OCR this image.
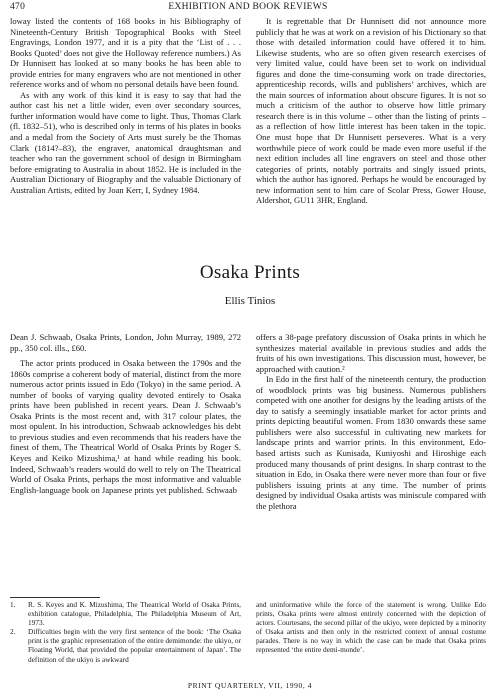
470	EXHIBITION AND BOOK REVIEWS

loway listed the contents of 168 books in his Bibliography of Nineteenth-Century British Topographical Books with Steel Engravings, London 1977, and it is a pity that the ‘List of . . . Books Quoted’ does not give the Holloway reference numbers.) As Dr Hunnisett has looked at so many books he has been able to provide entries for many engravers who are not mentioned in other reference works and of whom no personal details have been found.

As with any work of this kind it is easy to say that had the author cast his net a little wider, even over secondary sources, further information would have come to light. Thus, Thomas Clark (fl. 1832–51), who is described only in terms of his plates in books and a medal from the Society of Arts must surely be the Thomas Clark (1814?–83), the engraver, anatomical draughtsman and teacher who ran the government school of design in Birmingham before emigrating to Australia in about 1852. He is included in the Australian Dictionary of Biography and the valuable Dictionary of Australian Artists, edited by Joan Kerr, I, Sydney 1984.

It is regrettable that Dr Hunnisett did not announce more publicly that he was at work on a revision of his Dictionary so that those with detailed information could have offered it to him. Likewise students, who are so often given research exercises of very limited value, could have been set to work on individual figures and done the time-consuming work on trade directories, apprenticeship records, wills and publishers’ archives, which are the main sources of information about obscure figures. It is not so much a criticism of the author to observe how little primary research there is in this volume – other than the listing of prints – as a reflection of how little interest has been taken in the topic. One must hope that Dr Hunnisett perseveres. What is a very worthwhile piece of work could be made even more useful if the next edition includes all line engravers on steel and those other categories of prints, notably portraits and singly issued prints, which the author has ignored. Perhaps he would be encouraged by new information sent to him care of Scolar Press, Gower House, Aldershot, GU11 3HR, England.

Osaka Prints
Ellis Tinios

Dean J. Schwaab, Osaka Prints, London, John Murray, 1989, 272 pp., 350 col. ills., £60.

The actor prints produced in Osaka between the 1790s and the 1860s comprise a coherent body of material, distinct from the more numerous actor prints issued in Edo (Tokyo) in the same period. A number of books of varying quality devoted entirely to Osaka prints have been published in recent years. Dean J. Schwaab’s Osaka Prints is the most recent and, with 317 colour plates, the most opulent. In his introduction, Schwaab acknowledges his debt to previous studies and even recommends that his readers have the finest of them, The Theatrical World of Osaka Prints by Roger S. Keyes and Keiko Mizushima,¹ at hand while reading his book. Indeed, Schwaab’s readers would do well to rely on The Theatrical World of Osaka Prints, perhaps the most informative and valuable English-language book on Japanese prints yet published. Schwaab

offers a 38-page prefatory discussion of Osaka prints in which he synthesizes material available in previous studies and adds the fruits of his own investigations. This discussion must, however, be approached with caution.²

In Edo in the first half of the nineteenth century, the production of woodblock prints was big business. Numerous publishers competed with one another for designs by the leading artists of the day to satisfy a seemingly insatiable market for actor prints and prints depicting beautiful women. From 1830 onwards these same publishers were also successful in cultivating new markets for landscape prints and warrior prints. In this environment, Edo-based artists such as Kunisada, Kuniyoshi and Hiroshige each produced many thousands of print designs. In sharp contrast to the situation in Edo, in Osaka there were never more than four or five publishers issuing prints at any time. The number of prints designed by individual Osaka artists was miniscule compared with the plethora

1. R. S. Keyes and K. Mizushima, The Theatrical World of Osaka Prints, exhibition catalogue, Philadelphia, The Philadelphia Museum of Art, 1973.
2. Difficulties begin with the very first sentence of the book: ‘The Osaka print is the graphic representation of the entire demimonde: the ukiyo, or Floating World, that provided the popular entertainment of Japan’. The definition of the ukiyo is awkward

and uninformative while the force of the statement is wrong. Unlike Edo prints, Osaka prints were almost entirely concerned with the depiction of actors. Courtesans, the second pillar of the ukiyo, were depicted by a minority of Osaka artists and then only in the restricted context of annual costume parades. There is no way in which the case can be made that Osaka prints represented ‘the entire demi-monde’.

PRINT QUARTERLY, VII, 1990, 4
